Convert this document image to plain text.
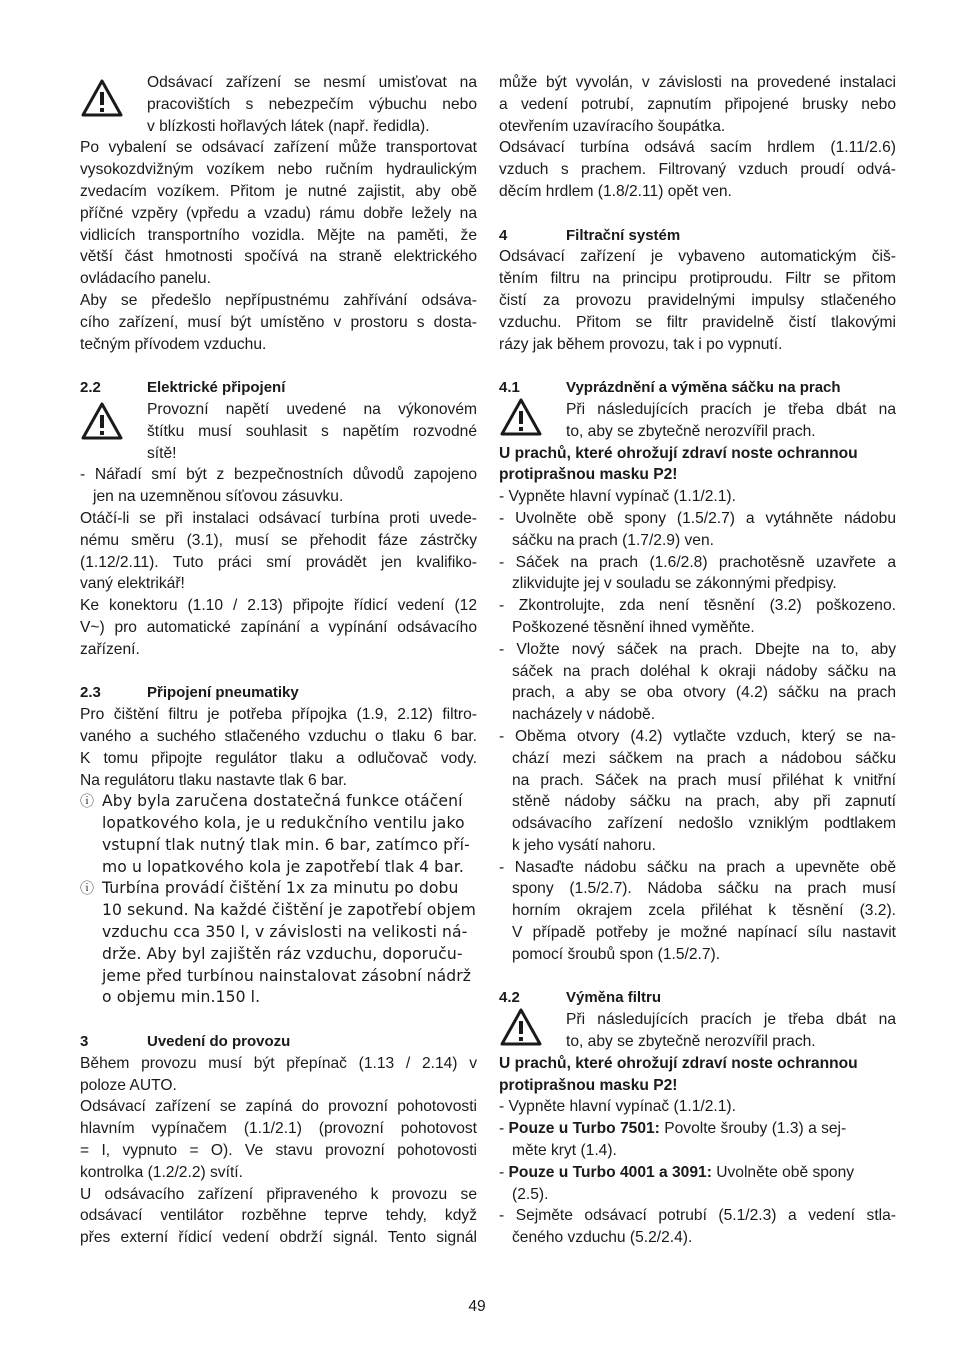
Odsávací zařízení se nesmí umisťovat na
pracovištích s nebezpečím výbuchu nebo
v blízkosti hořlavých látek (např. ředidla).
Po vybalení se odsávací zařízení může transportovat
vysokozdvižným vozíkem nebo ručním hydraulickým
zvedacím vozíkem. Přitom je nutné zajistit, aby obě
příčné vzpěry (vpředu a vzadu) rámu dobře ležely na
vidlicích transportního vozidla. Mějte na paměti, že
větší část hmotnosti spočívá na straně elektrického
ovládacího panelu.
Aby se předešlo nepřípustnému zahřívání odsáva-
cího zařízení, musí být umístěno v prostoru s dosta-
tečným přívodem vzduchu.
2.2	Elektrické připojení
Provozní napětí uvedené na výkonovém
štítku musí souhlasit s napětím rozvodné
sítě!
- Nářadí smí být z bezpečnostních důvodů zapojeno
jen na uzemněnou síťovou zásuvku.
Otáčí-li se při instalaci odsávací turbína proti uvede-
nému směru (3.1), musí se přehodit fáze zástrčky
(1.12/2.11). Tuto práci smí provádět jen kvalifiko-
vaný elektrikář!
Ke konektoru (1.10 / 2.13) připojte řídicí vedení (12
V~) pro automatické zapínání a vypínání odsávacího
zařízení.
2.3	Připojení pneumatiky
Pro čištění filtru je potřeba přípojka (1.9, 2.12) filtro-
vaného a suchého stlačeného vzduchu o tlaku 6 bar.
K tomu připojte regulátor tlaku a odlučovač vody.
Na regulátoru tlaku nastavte tlak 6 bar.
ⓘ Aby byla zaručena dostatečná funkce otáčení
lopatkového kola, je u redukčního ventilu jako
vstupní tlak nutný tlak min. 6 bar, zatímco pří-
mo u lopatkového kola je zapotřebí tlak 4 bar.
ⓘ Turbína provádí čištění 1x za minutu po dobu
10 sekund. Na každé čištění je zapotřebí objem
vzduchu cca 350 l, v závislosti na velikosti ná-
drže. Aby byl zajištěn ráz vzduchu, doporuču-
jeme před turbínou nainstalovat zásobní nádrž
o objemu min.150 l.
3	Uvedení do provozu
Během provozu musí být přepínač (1.13 / 2.14) v
poloze AUTO.
Odsávací zařízení se zapíná do provozní pohotovosti
hlavním vypínačem (1.1/2.1) (provozní pohotovost
= I, vypnuto = O). Ve stavu provozní pohotovosti
kontrolka (1.2/2.2) svítí.
U odsávacího zařízení připraveného k provozu se
odsávací ventilátor rozběhne teprve tehdy, když
přes externí řídicí vedení obdrží signál. Tento signál
může být vyvolán, v závislosti na provedené instalaci
a vedení potrubí, zapnutím připojené brusky nebo
otevřením uzavíracího šoupátka.
Odsávací turbína odsává sacím hrdlem (1.11/2.6)
vzduch s prachem. Filtrovaný vzduch proudí odvá-
děcím hrdlem (1.8/2.11) opět ven.
4	Filtrační systém
Odsávací zařízení je vybaveno automatickým čiš-
těním filtru na principu protiproudu. Filtr se přitom
čistí za provozu pravidelnými impulsy stlačeného
vzduchu. Přitom se filtr pravidelně čistí tlakovými
rázy jak během provozu, tak i po vypnutí.
4.1	Vyprázdnění a výměna sáčku na prach
Při následujících pracích je třeba dbát na
to, aby se zbytečně nerozvířil prach.
U prachů, které ohrožují zdraví noste ochrannou
protiprašnou masku P2!
- Vypněte hlavní vypínač (1.1/2.1).
- Uvolněte obě spony (1.5/2.7) a vytáhněte nádobu
sáčku na prach (1.7/2.9) ven.
- Sáček na prach (1.6/2.8) prachotěsně uzavřete a
zlikvidujte jej v souladu se zákonnými předpisy.
- Zkontrolujte, zda není těsnění (3.2) poškozeno.
Poškozené těsnění ihned vyměňte.
- Vložte nový sáček na prach. Dbejte na to, aby
sáček na prach doléhal k okraji nádoby sáčku na
prach, a aby se oba otvory (4.2) sáčku na prach
nacházely v nádobě.
- Oběma otvory (4.2) vytlačte vzduch, který se na-
chází mezi sáčkem na prach a nádobou sáčku
na prach. Sáček na prach musí přiléhat k vnitřní
stěně nádoby sáčku na prach, aby při zapnutí
odsávacího zařízení nedošlo vzniklým podtlakem
k jeho vysátí nahoru.
- Nasaďte nádobu sáčku na prach a upevněte obě
spony (1.5/2.7). Nádoba sáčku na prach musí
horním okrajem zcela přiléhat k těsnění (3.2).
V případě potřeby je možné napínací sílu nastavit
pomocí šroubů spon (1.5/2.7).
4.2	Výměna filtru
Při následujících pracích je třeba dbát na
to, aby se zbytečně nerozvířil prach.
U prachů, které ohrožují zdraví noste ochrannou
protiprašnou masku P2!
- Vypněte hlavní vypínač (1.1/2.1).
- Pouze u Turbo 7501: Povolte šrouby (1.3) a sej-
měte kryt (1.4).
- Pouze u Turbo 4001 a 3091: Uvolněte obě spony
(2.5).
- Sejměte odsávací potrubí (5.1/2.3) a vedení stla-
čeného vzduchu (5.2/2.4).
49
